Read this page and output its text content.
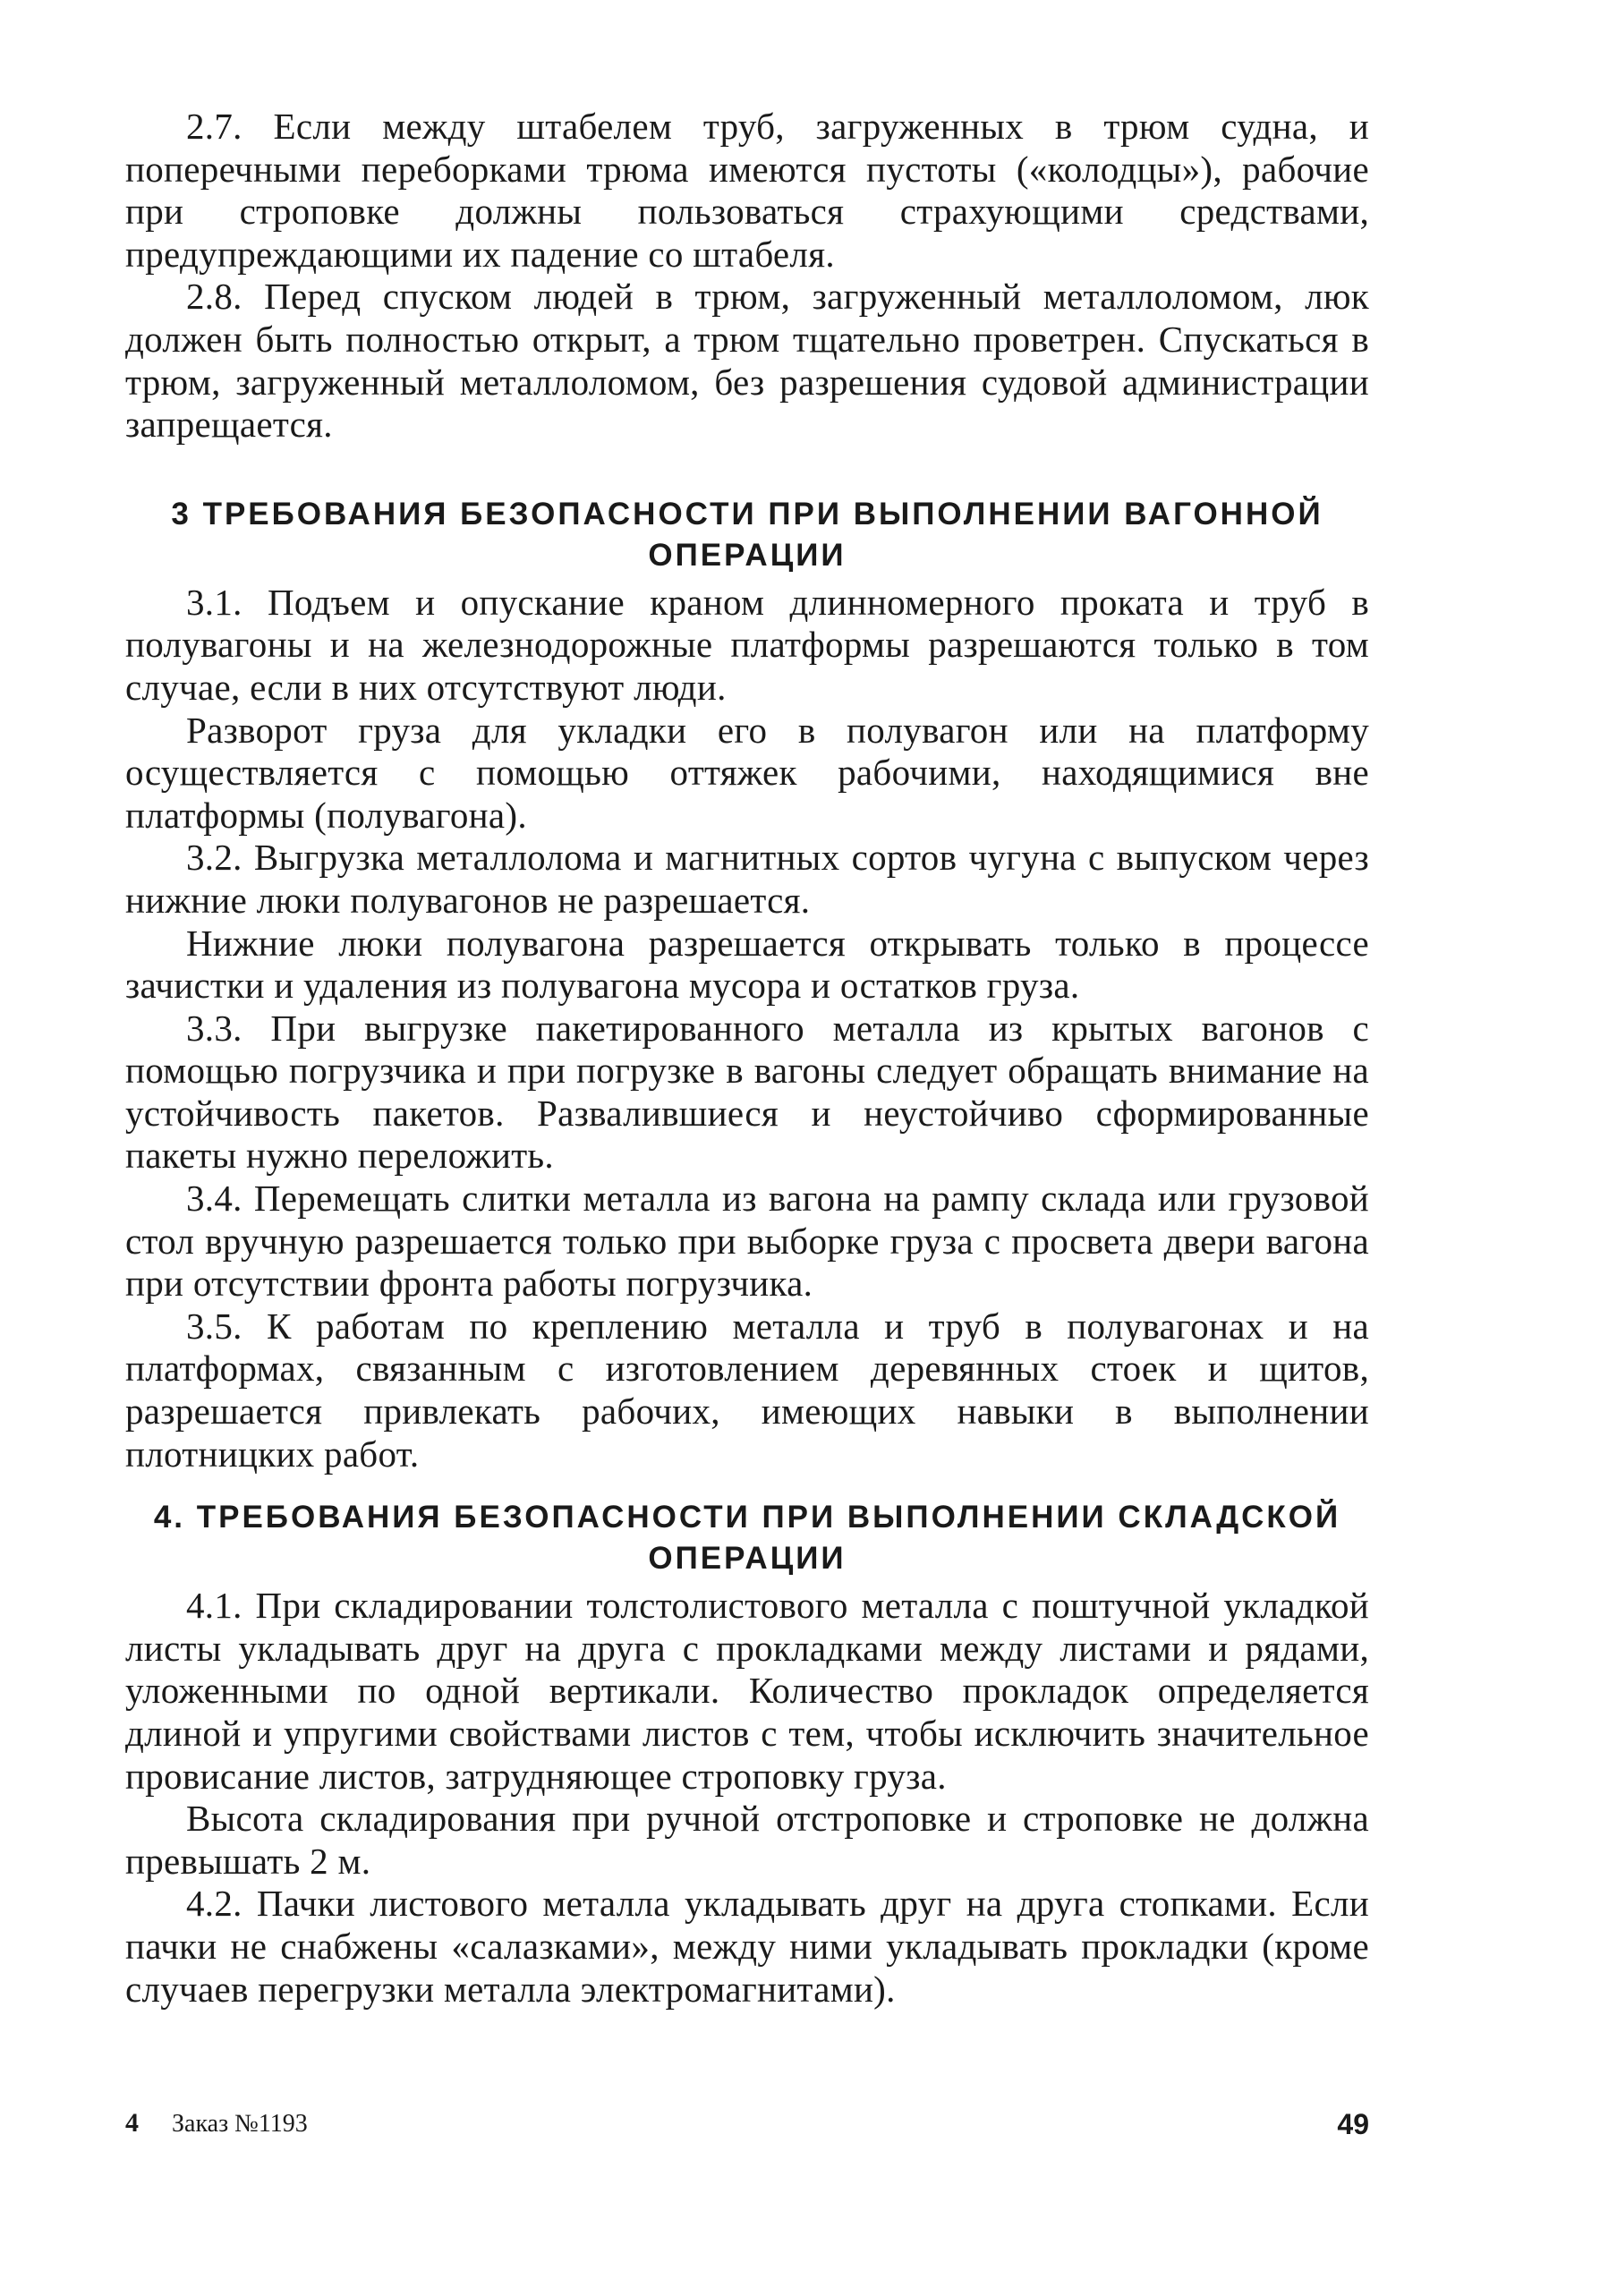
2.7. Если между штабелем труб, загруженных в трюм судна, и поперечными переборками трюма имеются пустоты («колодцы»), рабочие при строповке должны пользоваться страхующими средствами, предупреждающими их падение со штабеля.

2.8. Перед спуском людей в трюм, загруженный металлоломом, люк должен быть полностью открыт, а трюм тщательно проветрен. Спускаться в трюм, загруженный металлоломом, без разрешения судовой администрации запрещается.

3 ТРЕБОВАНИЯ БЕЗОПАСНОСТИ ПРИ ВЫПОЛНЕНИИ ВАГОННОЙ ОПЕРАЦИИ

3.1. Подъем и опускание краном длинномерного проката и труб в полувагоны и на железнодорожные платформы разрешаются только в том случае, если в них отсутствуют люди.

Разворот груза для укладки его в полувагон или на платформу осуществляется с помощью оттяжек рабочими, находящимися вне платформы (полувагона).

3.2. Выгрузка металлолома и магнитных сортов чугуна с выпуском через нижние люки полувагонов не разрешается.

Нижние люки полувагона разрешается открывать только в процессе зачистки и удаления из полувагона мусора и остатков груза.

3.3. При выгрузке пакетированного металла из крытых вагонов с помощью погрузчика и при погрузке в вагоны следует обращать внимание на устойчивость пакетов. Развалившиеся и неустойчиво сформированные пакеты нужно переложить.

3.4. Перемещать слитки металла из вагона на рампу склада или грузовой стол вручную разрешается только при выборке груза с просвета двери вагона при отсутствии фронта работы погрузчика.

3.5. К работам по креплению металла и труб в полувагонах и на платформах, связанным с изготовлением деревянных стоек и щитов, разрешается привлекать рабочих, имеющих навыки в выполнении плотницких работ.

4. ТРЕБОВАНИЯ БЕЗОПАСНОСТИ ПРИ ВЫПОЛНЕНИИ СКЛАДСКОЙ ОПЕРАЦИИ

4.1. При складировании толстолистового металла с поштучной укладкой листы укладывать друг на друга с прокладками между листами и рядами, уложенными по одной вертикали. Количество прокладок определяется длиной и упругими свойствами листов с тем, чтобы исключить значительное провисание листов, затрудняющее строповку груза.

Высота складирования при ручной отстроповке и строповке не должна превышать 2 м.

4.2. Пачки листового металла укладывать друг на друга стопками. Если пачки не снабжены «салазками», между ними укладывать прокладки (кроме случаев перегрузки металла электромагнитами).

4 Заказ №1193	49
